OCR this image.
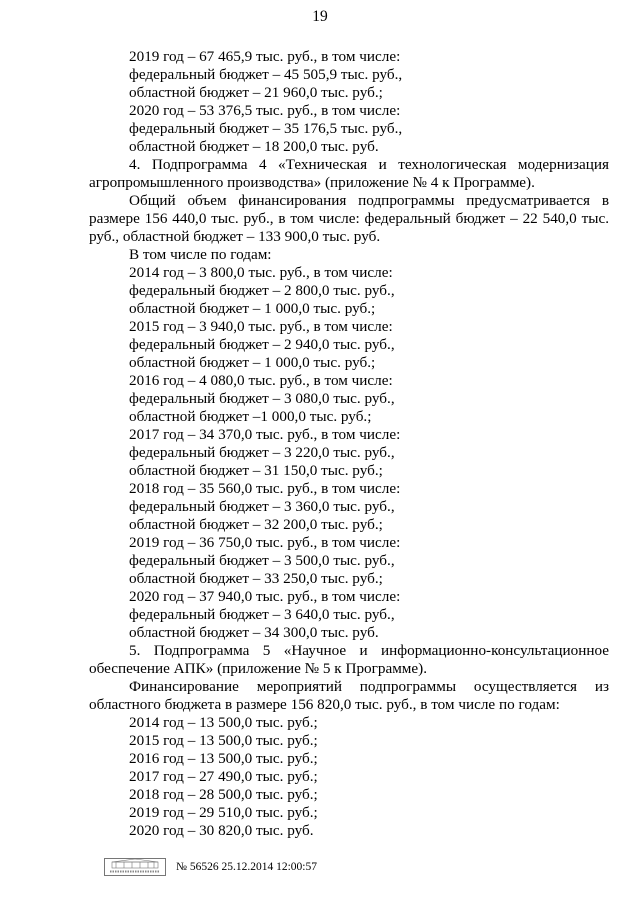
19
2019 год – 67 465,9 тыс. руб., в том числе:
федеральный бюджет – 45 505,9 тыс. руб.,
областной бюджет – 21 960,0 тыс. руб.;
2020 год – 53 376,5 тыс. руб., в том числе:
федеральный бюджет – 35 176,5 тыс. руб.,
областной бюджет – 18 200,0 тыс. руб.
4. Подпрограмма 4 «Техническая и технологическая модернизация
агропромышленного производства» (приложение № 4 к Программе).
Общий объем финансирования подпрограммы предусматривается в
размере 156 440,0 тыс. руб., в том числе: федеральный бюджет – 22 540,0 тыс.
руб., областной бюджет – 133 900,0 тыс. руб.
В том числе по годам:
2014 год – 3 800,0 тыс. руб., в том числе:
федеральный бюджет – 2 800,0 тыс. руб.,
областной бюджет – 1 000,0 тыс. руб.;
2015 год – 3 940,0 тыс. руб., в том числе:
федеральный бюджет – 2 940,0 тыс. руб.,
областной бюджет – 1 000,0 тыс. руб.;
2016 год – 4 080,0 тыс. руб., в том числе:
федеральный бюджет – 3 080,0 тыс. руб.,
областной бюджет –1 000,0 тыс. руб.;
2017 год – 34 370,0 тыс. руб., в том числе:
федеральный бюджет – 3 220,0 тыс. руб.,
областной бюджет – 31 150,0 тыс. руб.;
2018 год – 35 560,0 тыс. руб., в том числе:
федеральный бюджет – 3 360,0 тыс. руб.,
областной бюджет – 32 200,0 тыс. руб.;
2019 год – 36 750,0 тыс. руб., в том числе:
федеральный бюджет – 3 500,0 тыс. руб.,
областной бюджет – 33 250,0 тыс. руб.;
2020 год – 37 940,0 тыс. руб., в том числе:
федеральный бюджет – 3 640,0 тыс. руб.,
областной бюджет – 34 300,0 тыс. руб.
5. Подпрограмма 5 «Научное и информационно-консультационное
обеспечение АПК» (приложение № 5 к Программе).
Финансирование мероприятий подпрограммы осуществляется из
областного бюджета в размере 156 820,0 тыс. руб., в том числе по годам:
2014 год – 13 500,0 тыс. руб.;
2015 год – 13 500,0 тыс. руб.;
2016 год – 13 500,0 тыс. руб.;
2017 год – 27 490,0 тыс. руб.;
2018 год – 28 500,0 тыс. руб.;
2019 год – 29 510,0 тыс. руб.;
2020 год – 30 820,0 тыс. руб.
№ 56526 25.12.2014 12:00:57
